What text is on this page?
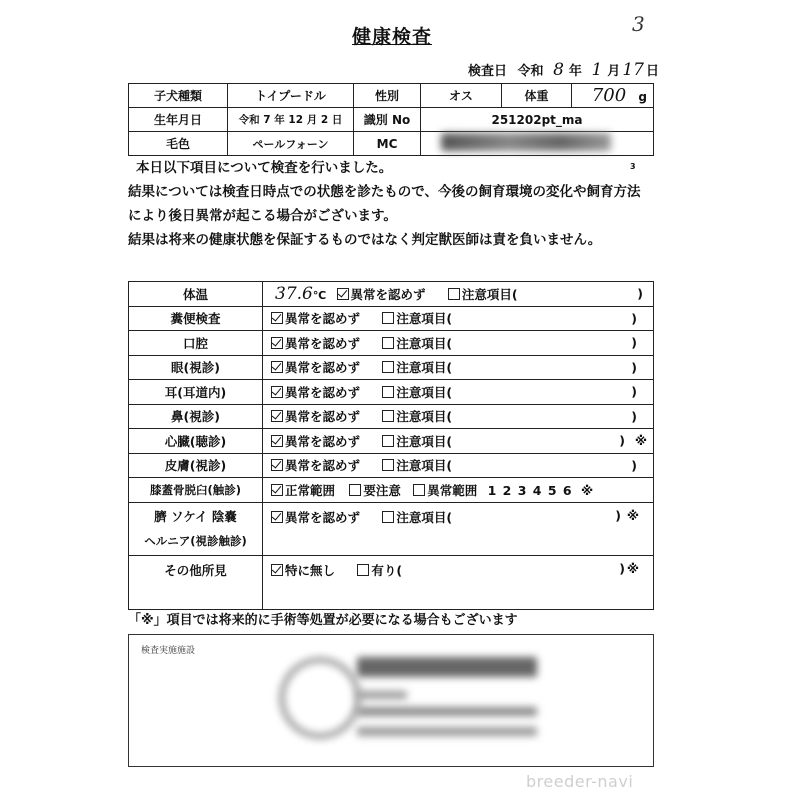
健康検査
3
検査日 令和 8 年 1 月 17 日
子犬種類	トイプードル	性別	オス	体重	700 g
生年月日	令和 7 年 12 月 2 日	識別 No	251202pt_ma		
毛色	ペールフォーン	MC			
3
本日以下項目について検査を行いました。
結果については検査日時点での状態を診たもので、今後の飼育環境の変化や飼育方法
により後日異常が起こる場合がございます。
結果は将来の健康状態を保証するものではなく判定獣医師は責を負いません。
体温	37.6℃ 異常を認めず 注意項目( )

糞便検査	異常を認めず 注意項目( )

口腔	異常を認めず 注意項目( )

眼(視診)	異常を認めず 注意項目( )

耳(耳道内)	異常を認めず 注意項目( )

鼻(視診)	異常を認めず 注意項目( )

心臓(聴診)	異常を認めず 注意項目( ) ※

皮膚(視診)	異常を認めず 注意項目( )

膝蓋骨脱臼(触診)	正常範囲 要注意 異常範囲 1 2 3 4 5 6 ※

臍 ソケイ 陰嚢
ヘルニア(視診触診)
	異常を認めず	注意項目(	) ※

その他所見	特に無し 有り( ) ※
「※」項目では将来的に手術等処置が必要になる場合もございます
検査実施施設
breeder-navi
